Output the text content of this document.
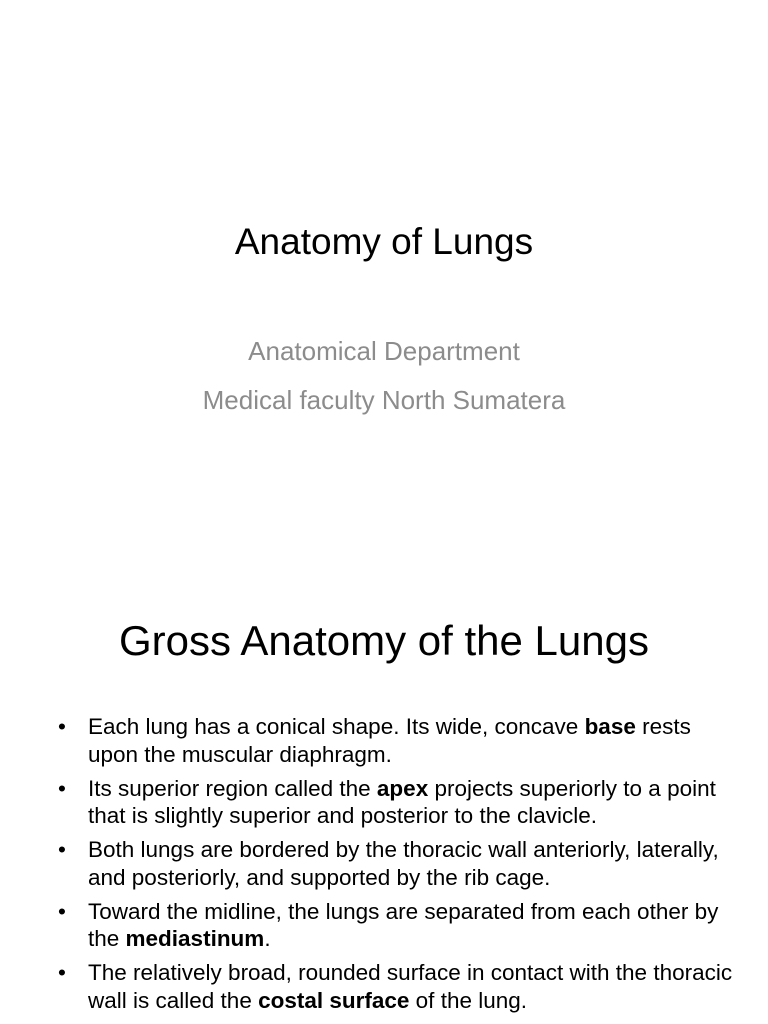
Anatomy of Lungs
Anatomical Department
Medical faculty North Sumatera
Gross Anatomy of the Lungs
• Each lung has a conical shape. Its wide, concave base rests upon the muscular diaphragm.
• Its superior region called the apex projects superiorly to a point that is slightly superior and posterior to the clavicle.
• Both lungs are bordered by the thoracic wall anteriorly, laterally, and posteriorly, and supported by the rib cage.
• Toward the midline, the lungs are separated from each other by the mediastinum.
• The relatively broad, rounded surface in contact with the thoracic wall is called the costal surface of the lung.
